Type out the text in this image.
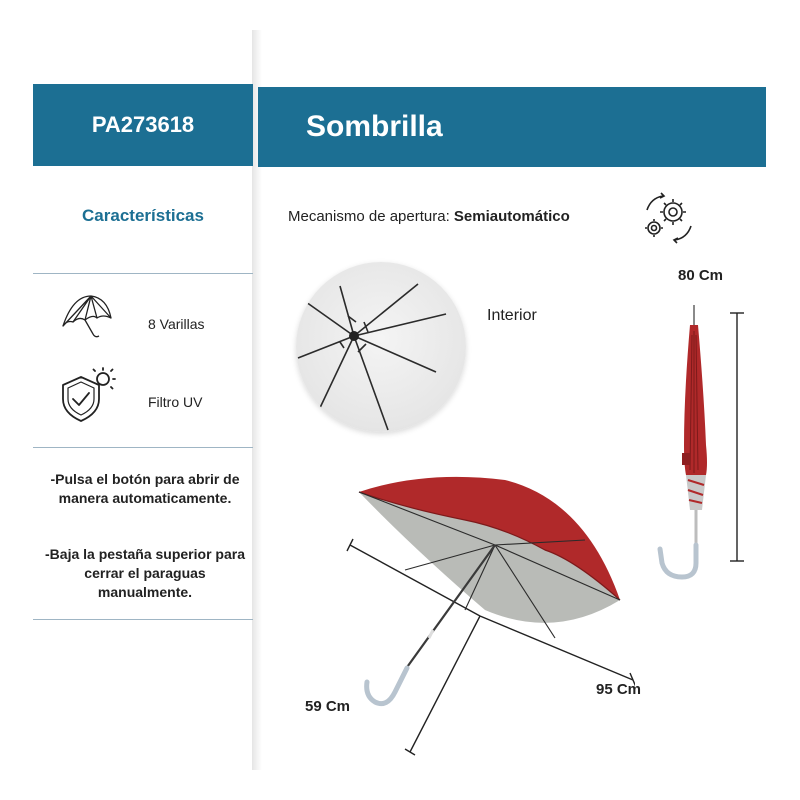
PA273618
Características
8 Varillas
Filtro UV
-Pulsa el botón para abrir de manera automaticamente.
-Baja la pestaña superior para cerrar el paraguas manualmente.
Sombrilla
Mecanismo de apertura: Semiautomático
Interior
80 Cm
95 Cm
59 Cm
